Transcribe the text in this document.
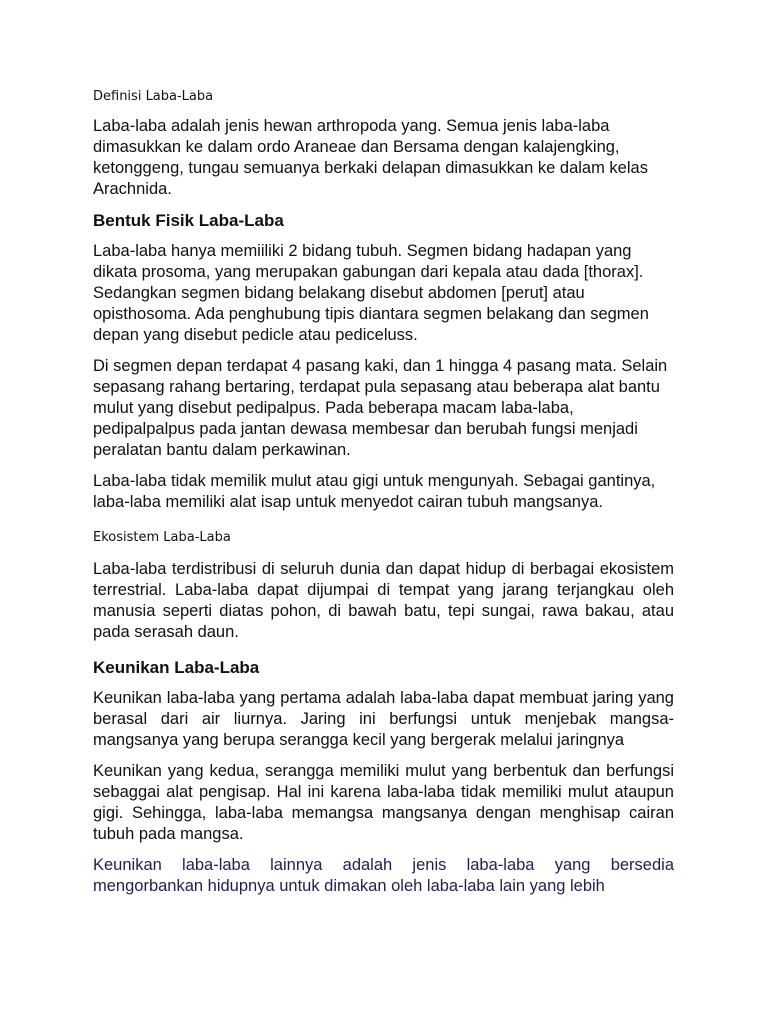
Definisi Laba-Laba

Laba-laba adalah jenis hewan arthropoda yang. Semua jenis laba-laba dimasukkan ke dalam ordo Araneae dan Bersama dengan kalajengking, ketonggeng, tungau semuanya berkaki delapan dimasukkan ke dalam kelas Arachnida.

Bentuk Fisik Laba-Laba

Laba-laba hanya memiiliki 2 bidang tubuh. Segmen bidang hadapan yang dikata prosoma, yang merupakan gabungan dari kepala atau dada [thorax]. Sedangkan segmen bidang belakang disebut abdomen [perut] atau opisthosoma. Ada penghubung tipis diantara segmen belakang dan segmen depan yang disebut pedicle atau pediceluss.

Di segmen depan terdapat 4 pasang kaki, dan 1 hingga 4 pasang mata. Selain sepasang rahang bertaring, terdapat pula sepasang atau beberapa alat bantu mulut yang disebut pedipalpus. Pada beberapa macam laba-laba, pedipalpalpus pada jantan dewasa membesar dan berubah fungsi menjadi peralatan bantu dalam perkawinan.

Laba-laba tidak memilik mulut atau gigi untuk mengunyah. Sebagai gantinya, laba-laba memiliki alat isap untuk menyedot cairan tubuh mangsanya.

Ekosistem Laba-Laba

Laba-laba terdistribusi di seluruh dunia dan dapat hidup di berbagai ekosistem terrestrial. Laba-laba dapat dijumpai di tempat yang jarang terjangkau oleh manusia seperti diatas pohon, di bawah batu, tepi sungai, rawa bakau, atau pada serasah daun.

Keunikan Laba-Laba

Keunikan laba-laba yang pertama adalah laba-laba dapat membuat jaring yang berasal dari air liurnya. Jaring ini berfungsi untuk menjebak mangsa-mangsanya yang berupa serangga kecil yang bergerak melalui jaringnya

Keunikan yang kedua, serangga memiliki mulut yang berbentuk dan berfungsi sebaggai alat pengisap. Hal ini karena laba-laba tidak memiliki mulut ataupun gigi. Sehingga, laba-laba memangsa mangsanya dengan menghisap cairan tubuh pada mangsa.

Keunikan laba-laba lainnya adalah jenis laba-laba yang bersedia mengorbankan hidupnya untuk dimakan oleh laba-laba lain yang lebih
